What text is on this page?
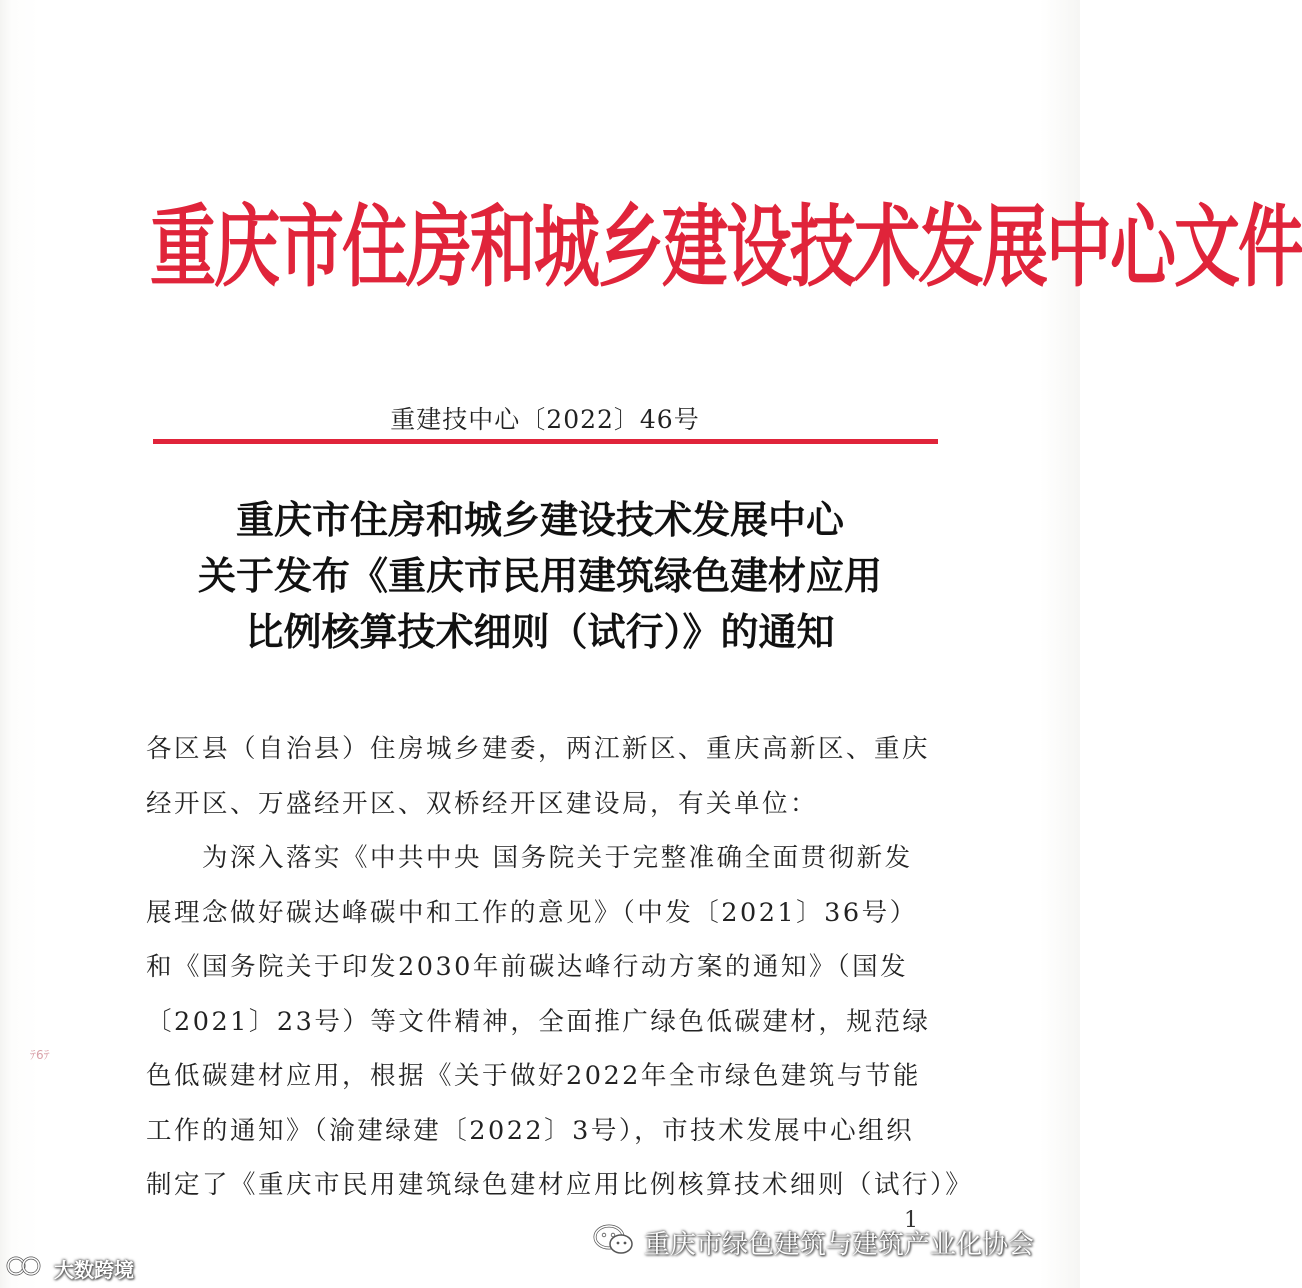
重庆市住房和城乡建设技术发展中心文件
重建技中心〔2022〕46号
重庆市住房和城乡建设技术发展中心
关于发布《重庆市民用建筑绿色建材应用
比例核算技术细则（试行）》的通知
ﾃ6ﾃ
各区县（自治县）住房城乡建委，两江新区、重庆高新区、重庆
经开区、万盛经开区、双桥经开区建设局，有关单位：
　　为深入落实《中共中央 国务院关于完整准确全面贯彻新发
展理念做好碳达峰碳中和工作的意见》（中发〔2021〕36号）
和《国务院关于印发2030年前碳达峰行动方案的通知》（国发
〔2021〕23号）等文件精神，全面推广绿色低碳建材，规范绿
色低碳建材应用，根据《关于做好2022年全市绿色建筑与节能
工作的通知》（渝建绿建〔2022〕3号），市技术发展中心组织
制定了《重庆市民用建筑绿色建材应用比例核算技术细则（试行）》
1
重庆市绿色建筑与建筑产业化协会
大数跨境
